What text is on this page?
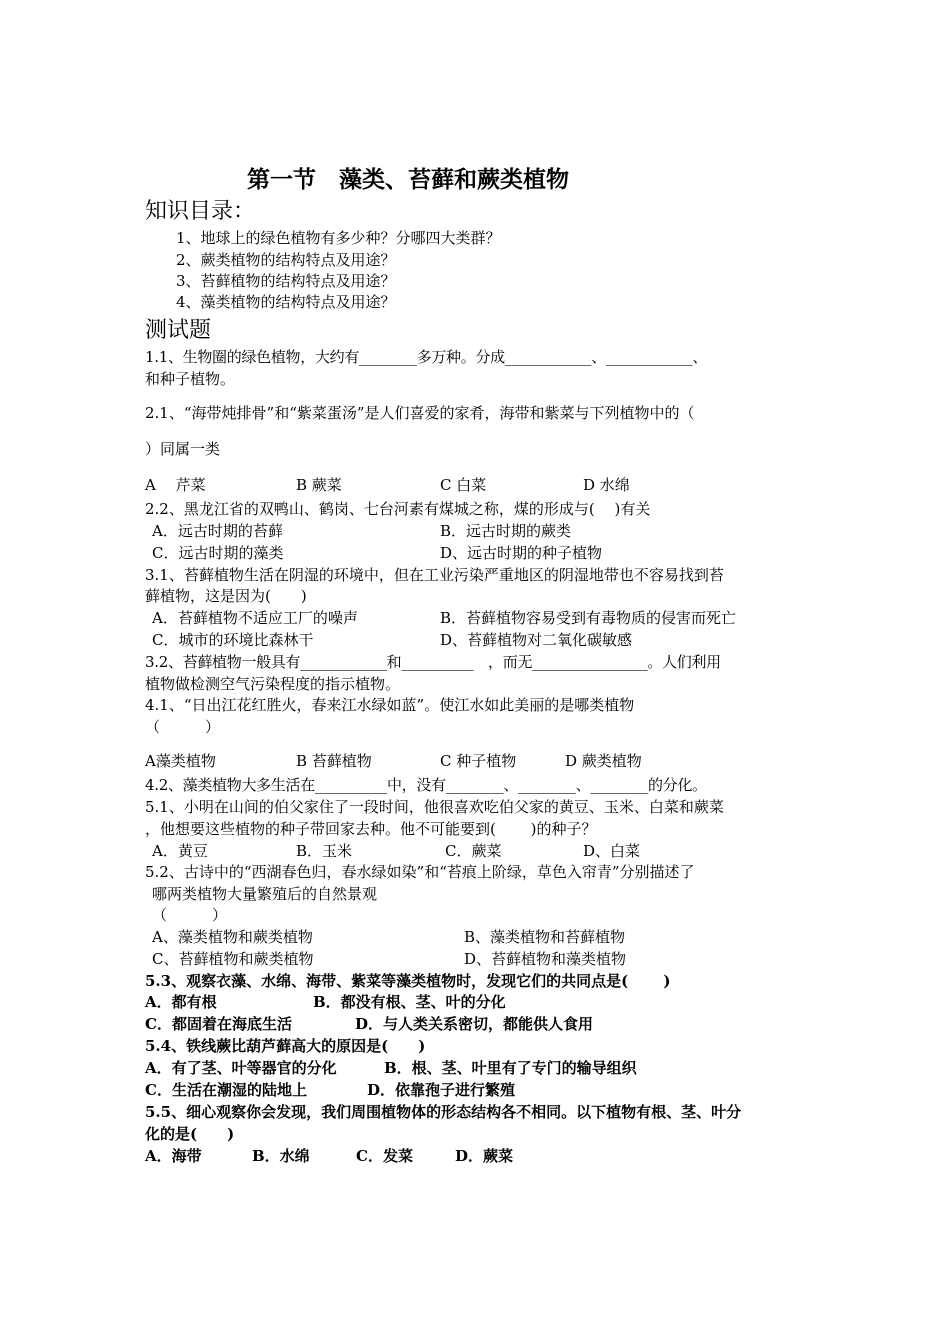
第一节　藻类、苔藓和蕨类植物
知识目录：
1、地球上的绿色植物有多少种？分哪四大类群？
2、蕨类植物的结构特点及用途？
3、苔藓植物的结构特点及用途？
4、藻类植物的结构特点及用途？
测试题
1.1、生物圈的绿色植物，大约有________多万种。分成____________、____________、
和种子植物。
2.1、“海带炖排骨”和“紫菜蛋汤”是人们喜爱的家肴，海带和紫菜与下列植物中的（
）同属一类
A　 芹菜	B 蕨菜	C 白菜	D 水绵
2.2、黑龙江省的双鸭山、鹤岗、七台河素有煤城之称，煤的形成与(　 )有关
A．远古时期的苔藓	B．远古时期的蕨类
C．远古时期的藻类	D、远古时期的种子植物
3.1、苔藓植物生活在阴湿的环境中，但在工业污染严重地区的阴湿地带也不容易找到苔
藓植物，这是因为(　　)
A．苔藓植物不适应工厂的噪声	B．苔藓植物容易受到有毒物质的侵害而死亡
C．城市的环境比森林干	D、苔藓植物对二氧化碳敏感
3.2、苔藓植物一般具有____________和__________　，而无________________。人们利用
植物做检测空气污染程度的指示植物。
4.1、“日出江花红胜火，春来江水绿如蓝”。使江水如此美丽的是哪类植物
（　　　）
A藻类植物	B 苔藓植物	C 种子植物	D 蕨类植物
4.2、藻类植物大多生活在__________中，没有________、________、________的分化。
5.1、小明在山间的伯父家住了一段时间，他很喜欢吃伯父家的黄豆、玉米、白菜和蕨菜
，他想要这些植物的种子带回家去种。他不可能要到(　　 )的种子？
A．黄豆	B．玉米	C．蕨菜	D、白菜
5.2、古诗中的“西湖春色归，春水绿如染”和“苔痕上阶绿，草色入帘青”分别描述了
哪两类植物大量繁殖后的自然景观
（　　　）
A、藻类植物和蕨类植物	B、藻类植物和苔藓植物
C、苔藓植物和蕨类植物	D、苔藓植物和藻类植物
5.3、观察衣藻、水绵、海带、紫菜等藻类植物时，发现它们的共同点是(　　 )
A．都有根	B．都没有根、茎、叶的分化
C．都固着在海底生活	D．与人类关系密切，都能供人食用
5.4、铁线蕨比葫芦藓高大的原因是(　　)
A．有了茎、叶等器官的分化	B．根、茎、叶里有了专门的输导组织
C．生活在潮湿的陆地上	D．依靠孢子进行繁殖
5.5、细心观察你会发现，我们周围植物体的形态结构各不相同。以下植物有根、茎、叶分
化的是(　　)
A．海带	B．水绵	C．发菜	D．蕨菜
